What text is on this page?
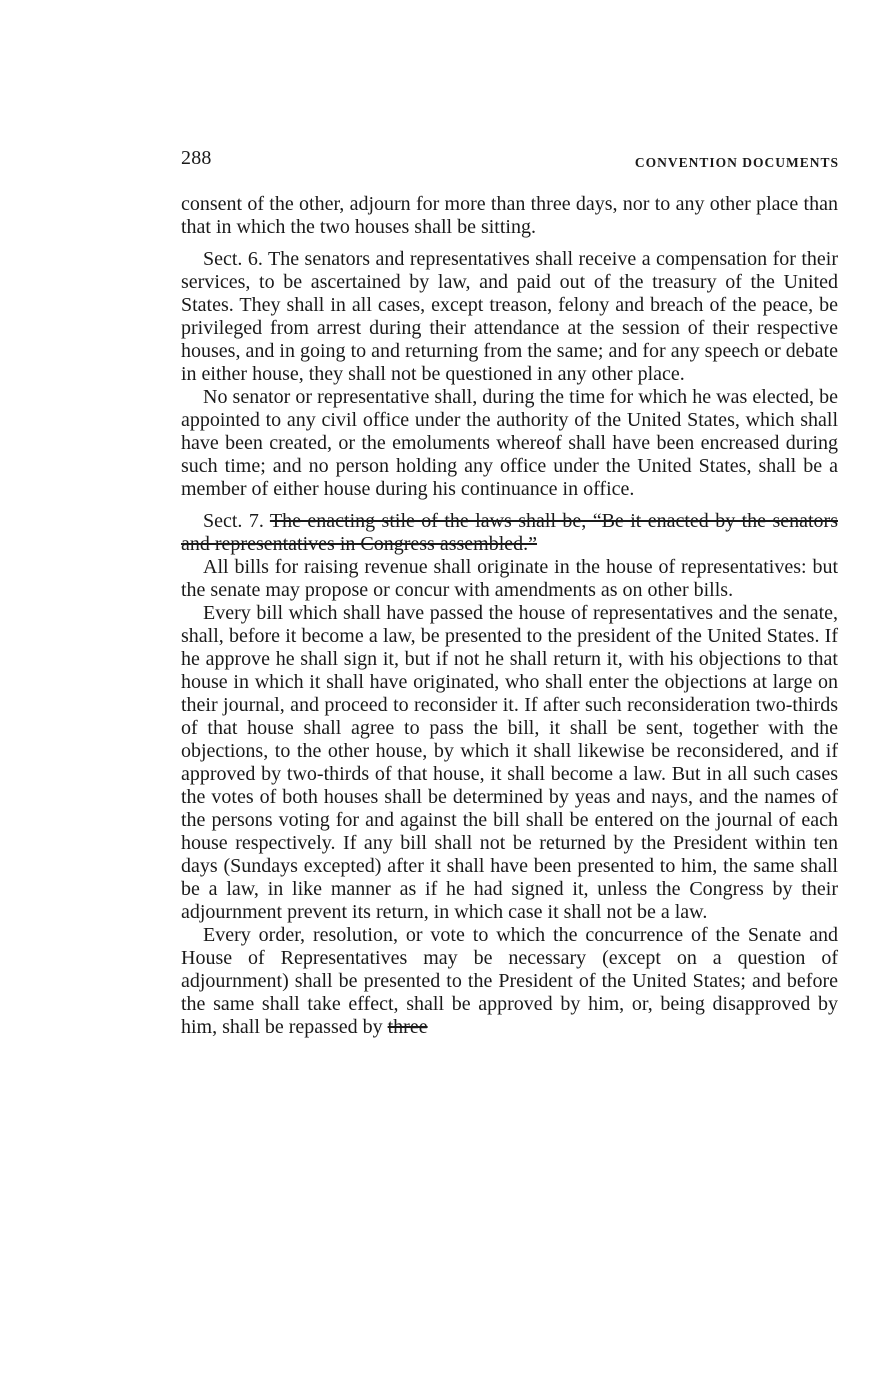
288	CONVENTION DOCUMENTS

consent of the other, adjourn for more than three days, nor to any other place than that in which the two houses shall be sitting.

Sect. 6. The senators and representatives shall receive a compensation for their services, to be ascertained by law, and paid out of the treasury of the United States. They shall in all cases, except treason, felony and breach of the peace, be privileged from arrest during their attendance at the session of their respective houses, and in going to and returning from the same; and for any speech or debate in either house, they shall not be questioned in any other place.

No senator or representative shall, during the time for which he was elected, be appointed to any civil office under the authority of the United States, which shall have been created, or the emoluments whereof shall have been encreased during such time; and no person holding any office under the United States, shall be a member of either house during his continuance in office.

Sect. 7. The enacting stile of the laws shall be, “Be it enacted by the senators and representatives in Congress assembled.”

All bills for raising revenue shall originate in the house of representatives: but the senate may propose or concur with amendments as on other bills.

Every bill which shall have passed the house of representatives and the senate, shall, before it become a law, be presented to the president of the United States. If he approve he shall sign it, but if not he shall return it, with his objections to that house in which it shall have originated, who shall enter the objections at large on their journal, and proceed to reconsider it. If after such reconsideration two-thirds of that house shall agree to pass the bill, it shall be sent, together with the objections, to the other house, by which it shall likewise be reconsidered, and if approved by two-thirds of that house, it shall become a law. But in all such cases the votes of both houses shall be determined by yeas and nays, and the names of the persons voting for and against the bill shall be entered on the journal of each house respectively. If any bill shall not be returned by the President within ten days (Sundays excepted) after it shall have been presented to him, the same shall be a law, in like manner as if he had signed it, unless the Congress by their adjournment prevent its return, in which case it shall not be a law.

Every order, resolution, or vote to which the concurrence of the Senate and House of Representatives may be necessary (except on a question of adjournment) shall be presented to the President of the United States; and before the same shall take effect, shall be approved by him, or, being disapproved by him, shall be repassed by three
